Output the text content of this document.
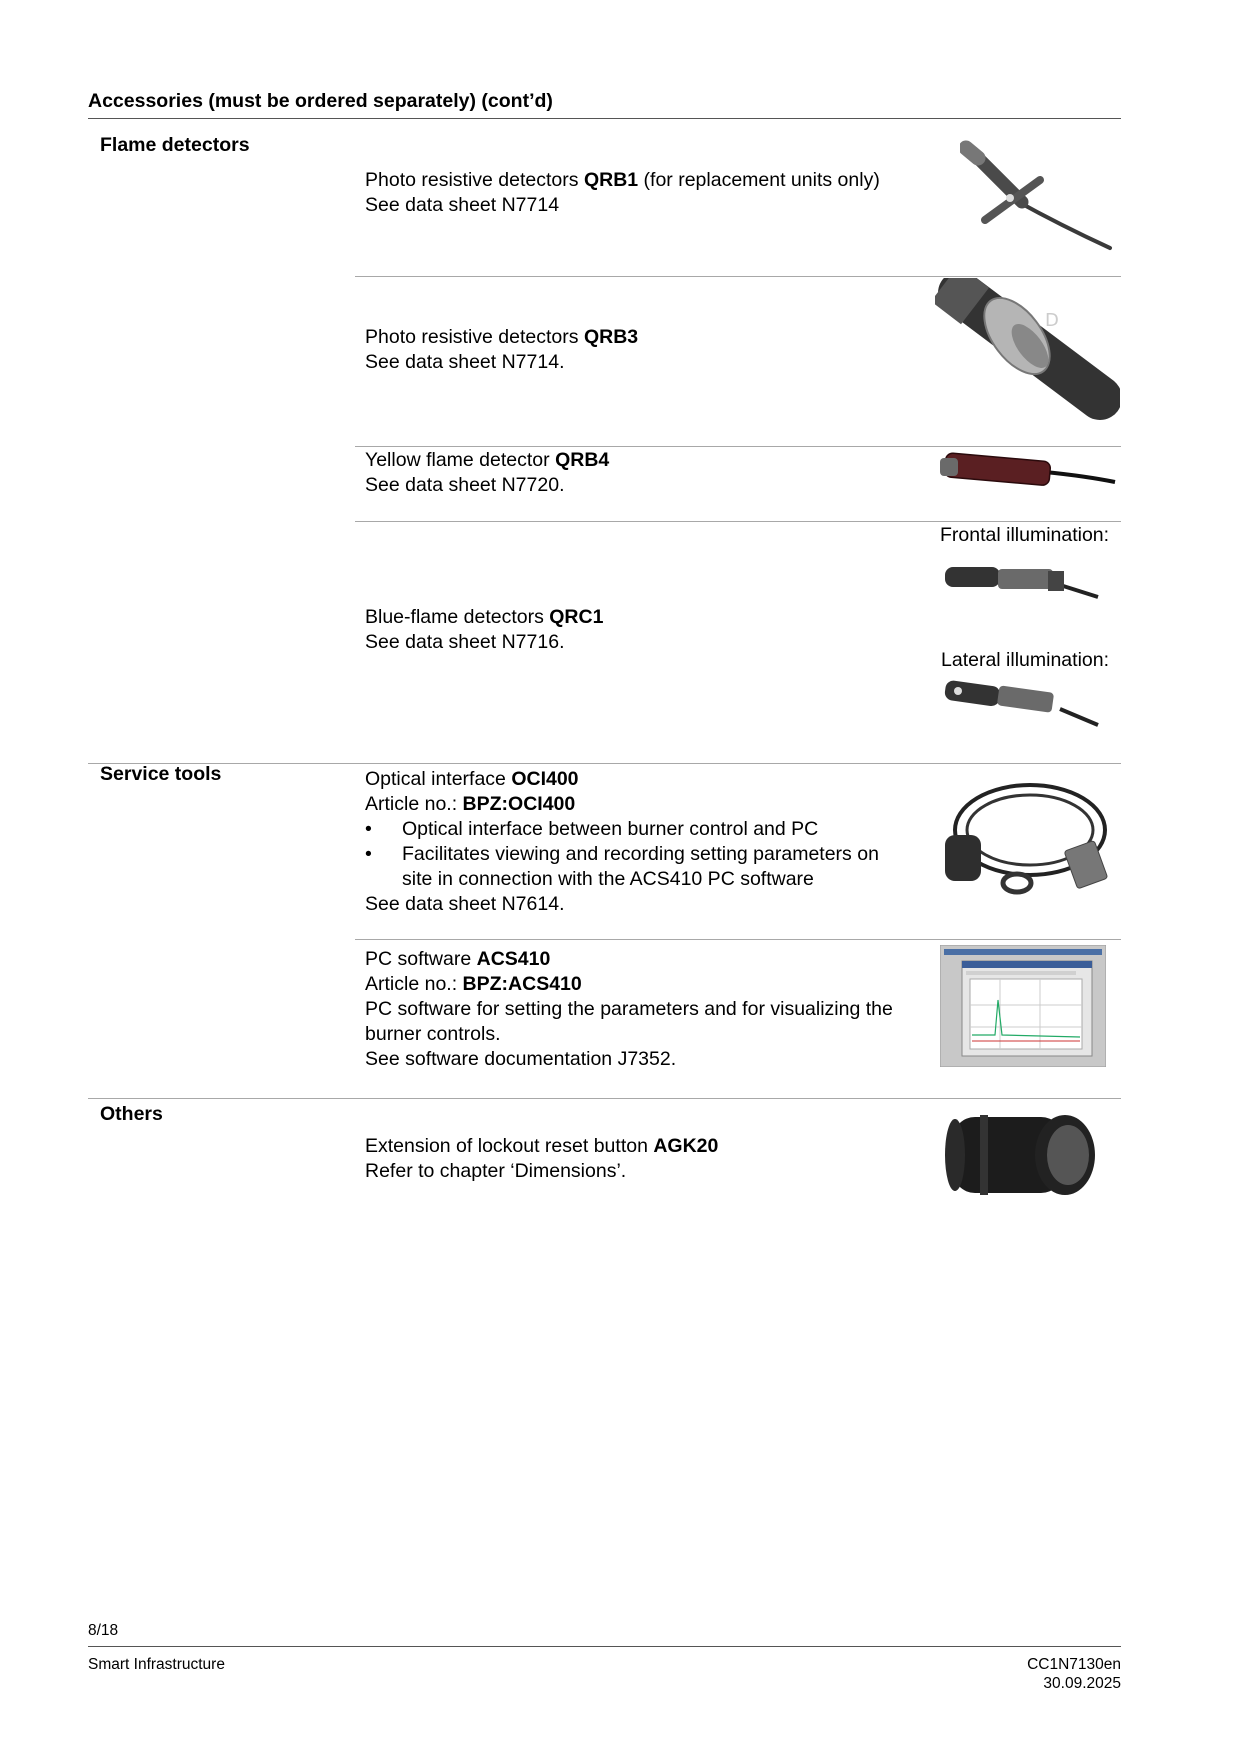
Accessories (must be ordered separately) (cont’d)
Flame detectors
Service tools
Others
Photo resistive detectors QRB1 (for replacement units only)
See data sheet N7714
Photo resistive detectors QRB3
See data sheet N7714.
D
Yellow flame detector QRB4
See data sheet N7720.
Frontal illumination:
Blue-flame detectors QRC1
See data sheet N7716.
Lateral illumination:
Optical interface OCI400
Article no.: BPZ:OCI400
• Optical interface between burner control and PC
• Facilitates viewing and recording setting parameters on
site in connection with the ACS410 PC software
See data sheet N7614.
PC software ACS410
Article no.: BPZ:ACS410
PC software for setting the parameters and for visualizing the
burner controls.
See software documentation J7352.
Extension of lockout reset button AGK20
Refer to chapter ‘Dimensions’.
8/18
Smart Infrastructure	CC1N7130en
30.09.2025
